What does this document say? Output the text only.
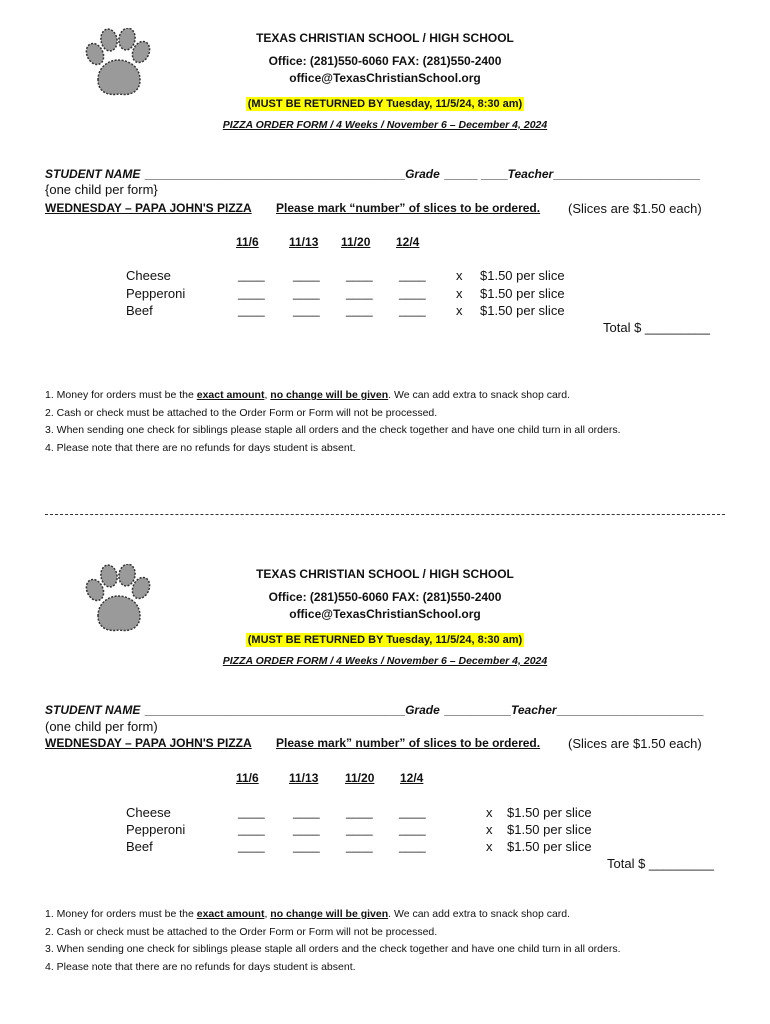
TEXAS CHRISTIAN SCHOOL / HIGH SCHOOL
Office: (281)550-6060 FAX: (281)550-2400
office@TexasChristianSchool.org
(MUST BE RETURNED BY Tuesday, 11/5/24, 8:30 am)
PIZZA ORDER FORM / 4 Weeks / November 6 – December 4, 2024
STUDENT NAME _______________________________________Grade _____ ____Teacher______________________
{one child per form}
WEDNESDAY – PAPA JOHN'S PIZZA Please mark “number” of slices to be ordered. (Slices are $1.50 each)
11/6	11/13 11/20 12/4
Cheese
Pepperoni
Beef
____ ____ ____ ____
____ ____ ____ ____
____ ____ ____ ____
x
x
x
$1.50 per slice
$1.50 per slice
$1.50 per slice
Total $ _________
1. Money for orders must be the exact amount, no change will be given. We can add extra to snack shop card.
2. Cash or check must be attached to the Order Form or Form will not be processed.
3. When sending one check for siblings please staple all orders and the check together and have one child turn in all orders.
4. Please note that there are no refunds for days student is absent.
TEXAS CHRISTIAN SCHOOL / HIGH SCHOOL
Office: (281)550-6060 FAX: (281)550-2400
office@TexasChristianSchool.org
(MUST BE RETURNED BY Tuesday, 11/5/24, 8:30 am)
PIZZA ORDER FORM / 4 Weeks / November 6 – December 4, 2024
STUDENT NAME _______________________________________Grade __________Teacher______________________
(one child per form)
WEDNESDAY – PAPA JOHN'S PIZZA Please mark” number” of slices to be ordered. (Slices are $1.50 each)
11/6	11/13 11/20 12/4
Cheese
Pepperoni
Beef
____ ____ ____ ____
____ ____ ____ ____
____ ____ ____ ____
x
x
x
$1.50 per slice
$1.50 per slice
$1.50 per slice
Total $ _________
1. Money for orders must be the exact amount, no change will be given. We can add extra to snack shop card.
2. Cash or check must be attached to the Order Form or Form will not be processed.
3. When sending one check for siblings please staple all orders and the check together and have one child turn in all orders.
4. Please note that there are no refunds for days student is absent.
